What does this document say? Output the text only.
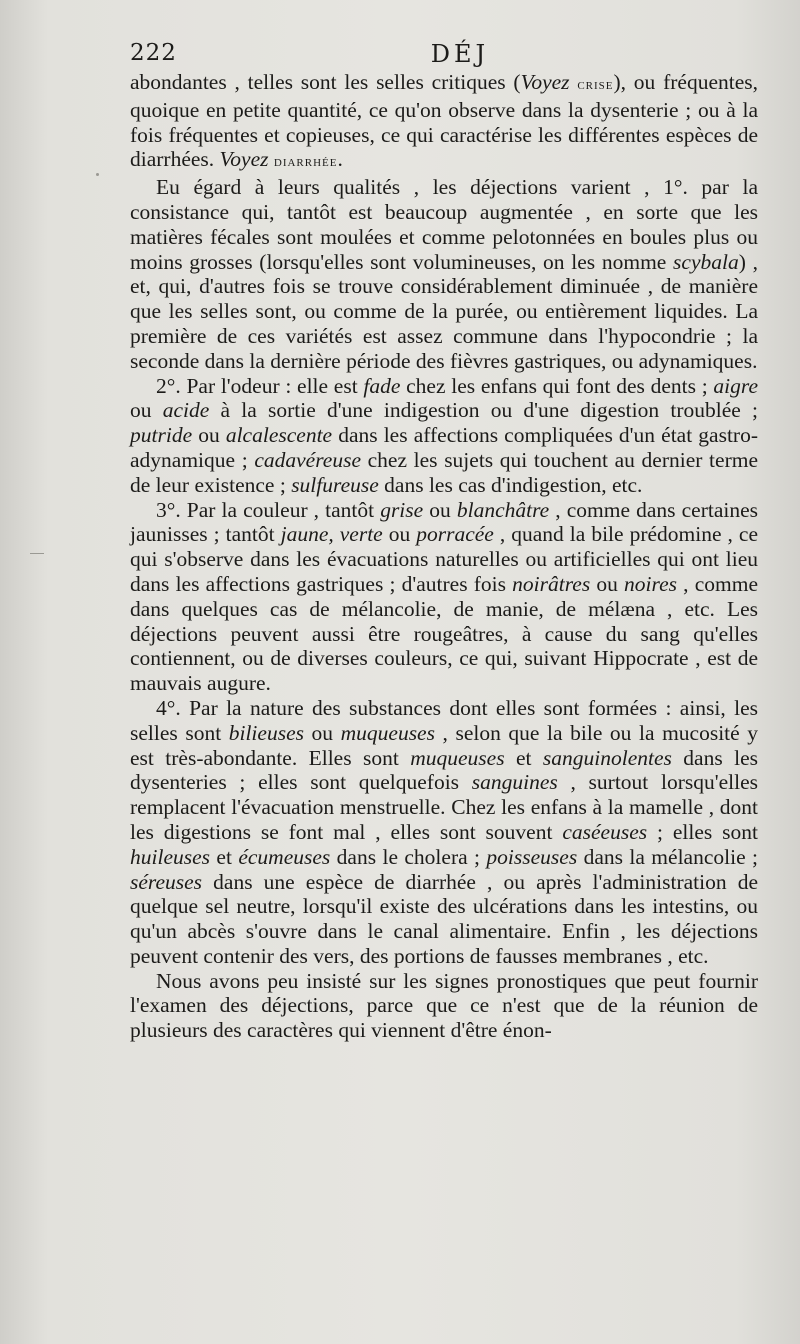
222	DÉJ

abondantes , telles sont les selles critiques (Voyez crise), ou fréquentes, quoique en petite quantité, ce qu'on observe dans la dysenterie ; ou à la fois fréquentes et copieuses, ce qui caractérise les différentes espèces de diarrhées. Voyez diarrhée.

Eu égard à leurs qualités , les déjections varient , 1°. par la consistance qui, tantôt est beaucoup augmentée , en sorte que les matières fécales sont moulées et comme pelotonnées en boules plus ou moins grosses (lorsqu'elles sont volumineuses, on les nomme scybala) , et, qui, d'autres fois se trouve considérablement diminuée , de manière que les selles sont, ou comme de la purée, ou entièrement liquides. La première de ces variétés est assez commune dans l'hypocondrie ; la seconde dans la dernière période des fièvres gastriques, ou adynamiques.

2°. Par l'odeur : elle est fade chez les enfans qui font des dents ; aigre ou acide à la sortie d'une indigestion ou d'une digestion troublée ; putride ou alcalescente dans les affections compliquées d'un état gastro-adynamique ; cadavéreuse chez les sujets qui touchent au dernier terme de leur existence ; sulfureuse dans les cas d'indigestion, etc.

3°. Par la couleur , tantôt grise ou blanchâtre , comme dans certaines jaunisses ; tantôt jaune, verte ou porracée , quand la bile prédomine , ce qui s'observe dans les évacuations naturelles ou artificielles qui ont lieu dans les affections gastriques ; d'autres fois noirâtres ou noires , comme dans quelques cas de mélancolie, de manie, de mélæna , etc. Les déjections peuvent aussi être rougeâtres, à cause du sang qu'elles contiennent, ou de diverses couleurs, ce qui, suivant Hippocrate , est de mauvais augure.

4°. Par la nature des substances dont elles sont formées : ainsi, les selles sont bilieuses ou muqueuses , selon que la bile ou la mucosité y est très-abondante. Elles sont muqueuses et sanguinolentes dans les dysenteries ; elles sont quelquefois sanguines , surtout lorsqu'elles remplacent l'évacuation menstruelle. Chez les enfans à la mamelle , dont les digestions se font mal , elles sont souvent caséeuses ; elles sont huileuses et écumeuses dans le cholera ; poisseuses dans la mélancolie ; séreuses dans une espèce de diarrhée , ou après l'administration de quelque sel neutre, lorsqu'il existe des ulcérations dans les intestins, ou qu'un abcès s'ouvre dans le canal alimentaire. Enfin , les déjections peuvent contenir des vers, des portions de fausses membranes , etc.

Nous avons peu insisté sur les signes pronostiques que peut fournir l'examen des déjections, parce que ce n'est que de la réunion de plusieurs des caractères qui viennent d'être énon-
